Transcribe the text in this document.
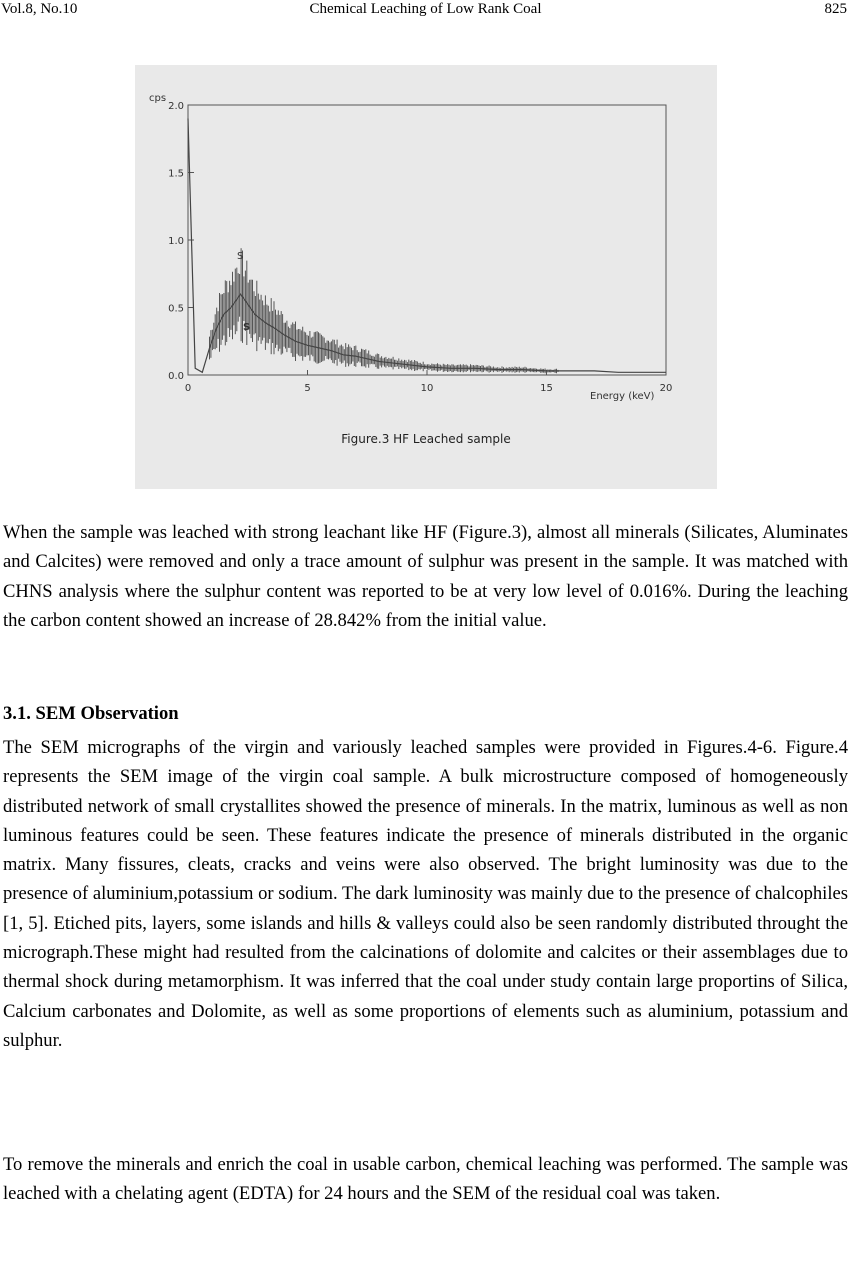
Vol.8, No.10	Chemical Leaching of Low Rank Coal	825
cps
Energy (keV)
0.0
0.5
1.0
1.5
2.0
0	5	10	15	20
S
S
Figure.3 HF Leached sample

When the sample was leached with strong leachant like HF (Figure.3), almost all minerals (Silicates, Aluminates and Calcites) were removed and only a trace amount of sulphur was present in the sample. It was matched with CHNS analysis where the sulphur content was reported to be at very low level of 0.016%. During the leaching the carbon content showed an increase of 28.842% from the initial value.

3.1. SEM Observation

The SEM micrographs of the virgin and variously leached samples were provided in Figures.4-6. Figure.4 represents the SEM image of the virgin coal sample. A bulk microstructure composed of homogeneously distributed network of small crystallites showed the presence of minerals. In the matrix, luminous as well as non luminous features could be seen. These features indicate the presence of minerals distributed in the organic matrix. Many fissures, cleats, cracks and veins were also observed. The bright luminosity was due to the presence of aluminium,potassium or sodium. The dark luminosity was mainly due to the presence of chalcophiles [1, 5]. Etiched pits, layers, some islands and hills & valleys could also be seen randomly distributed throught the micrograph.These might had resulted from the calcinations of dolomite and calcites or their assemblages due to thermal shock during metamorphism. It was inferred that the coal under study contain large proportins of Silica, Calcium carbonates and Dolomite, as well as some proportions of elements such as aluminium, potassium and sulphur.

To remove the minerals and enrich the coal in usable carbon, chemical leaching was performed. The sample was leached with a chelating agent (EDTA) for 24 hours and the SEM of the residual coal was taken.
